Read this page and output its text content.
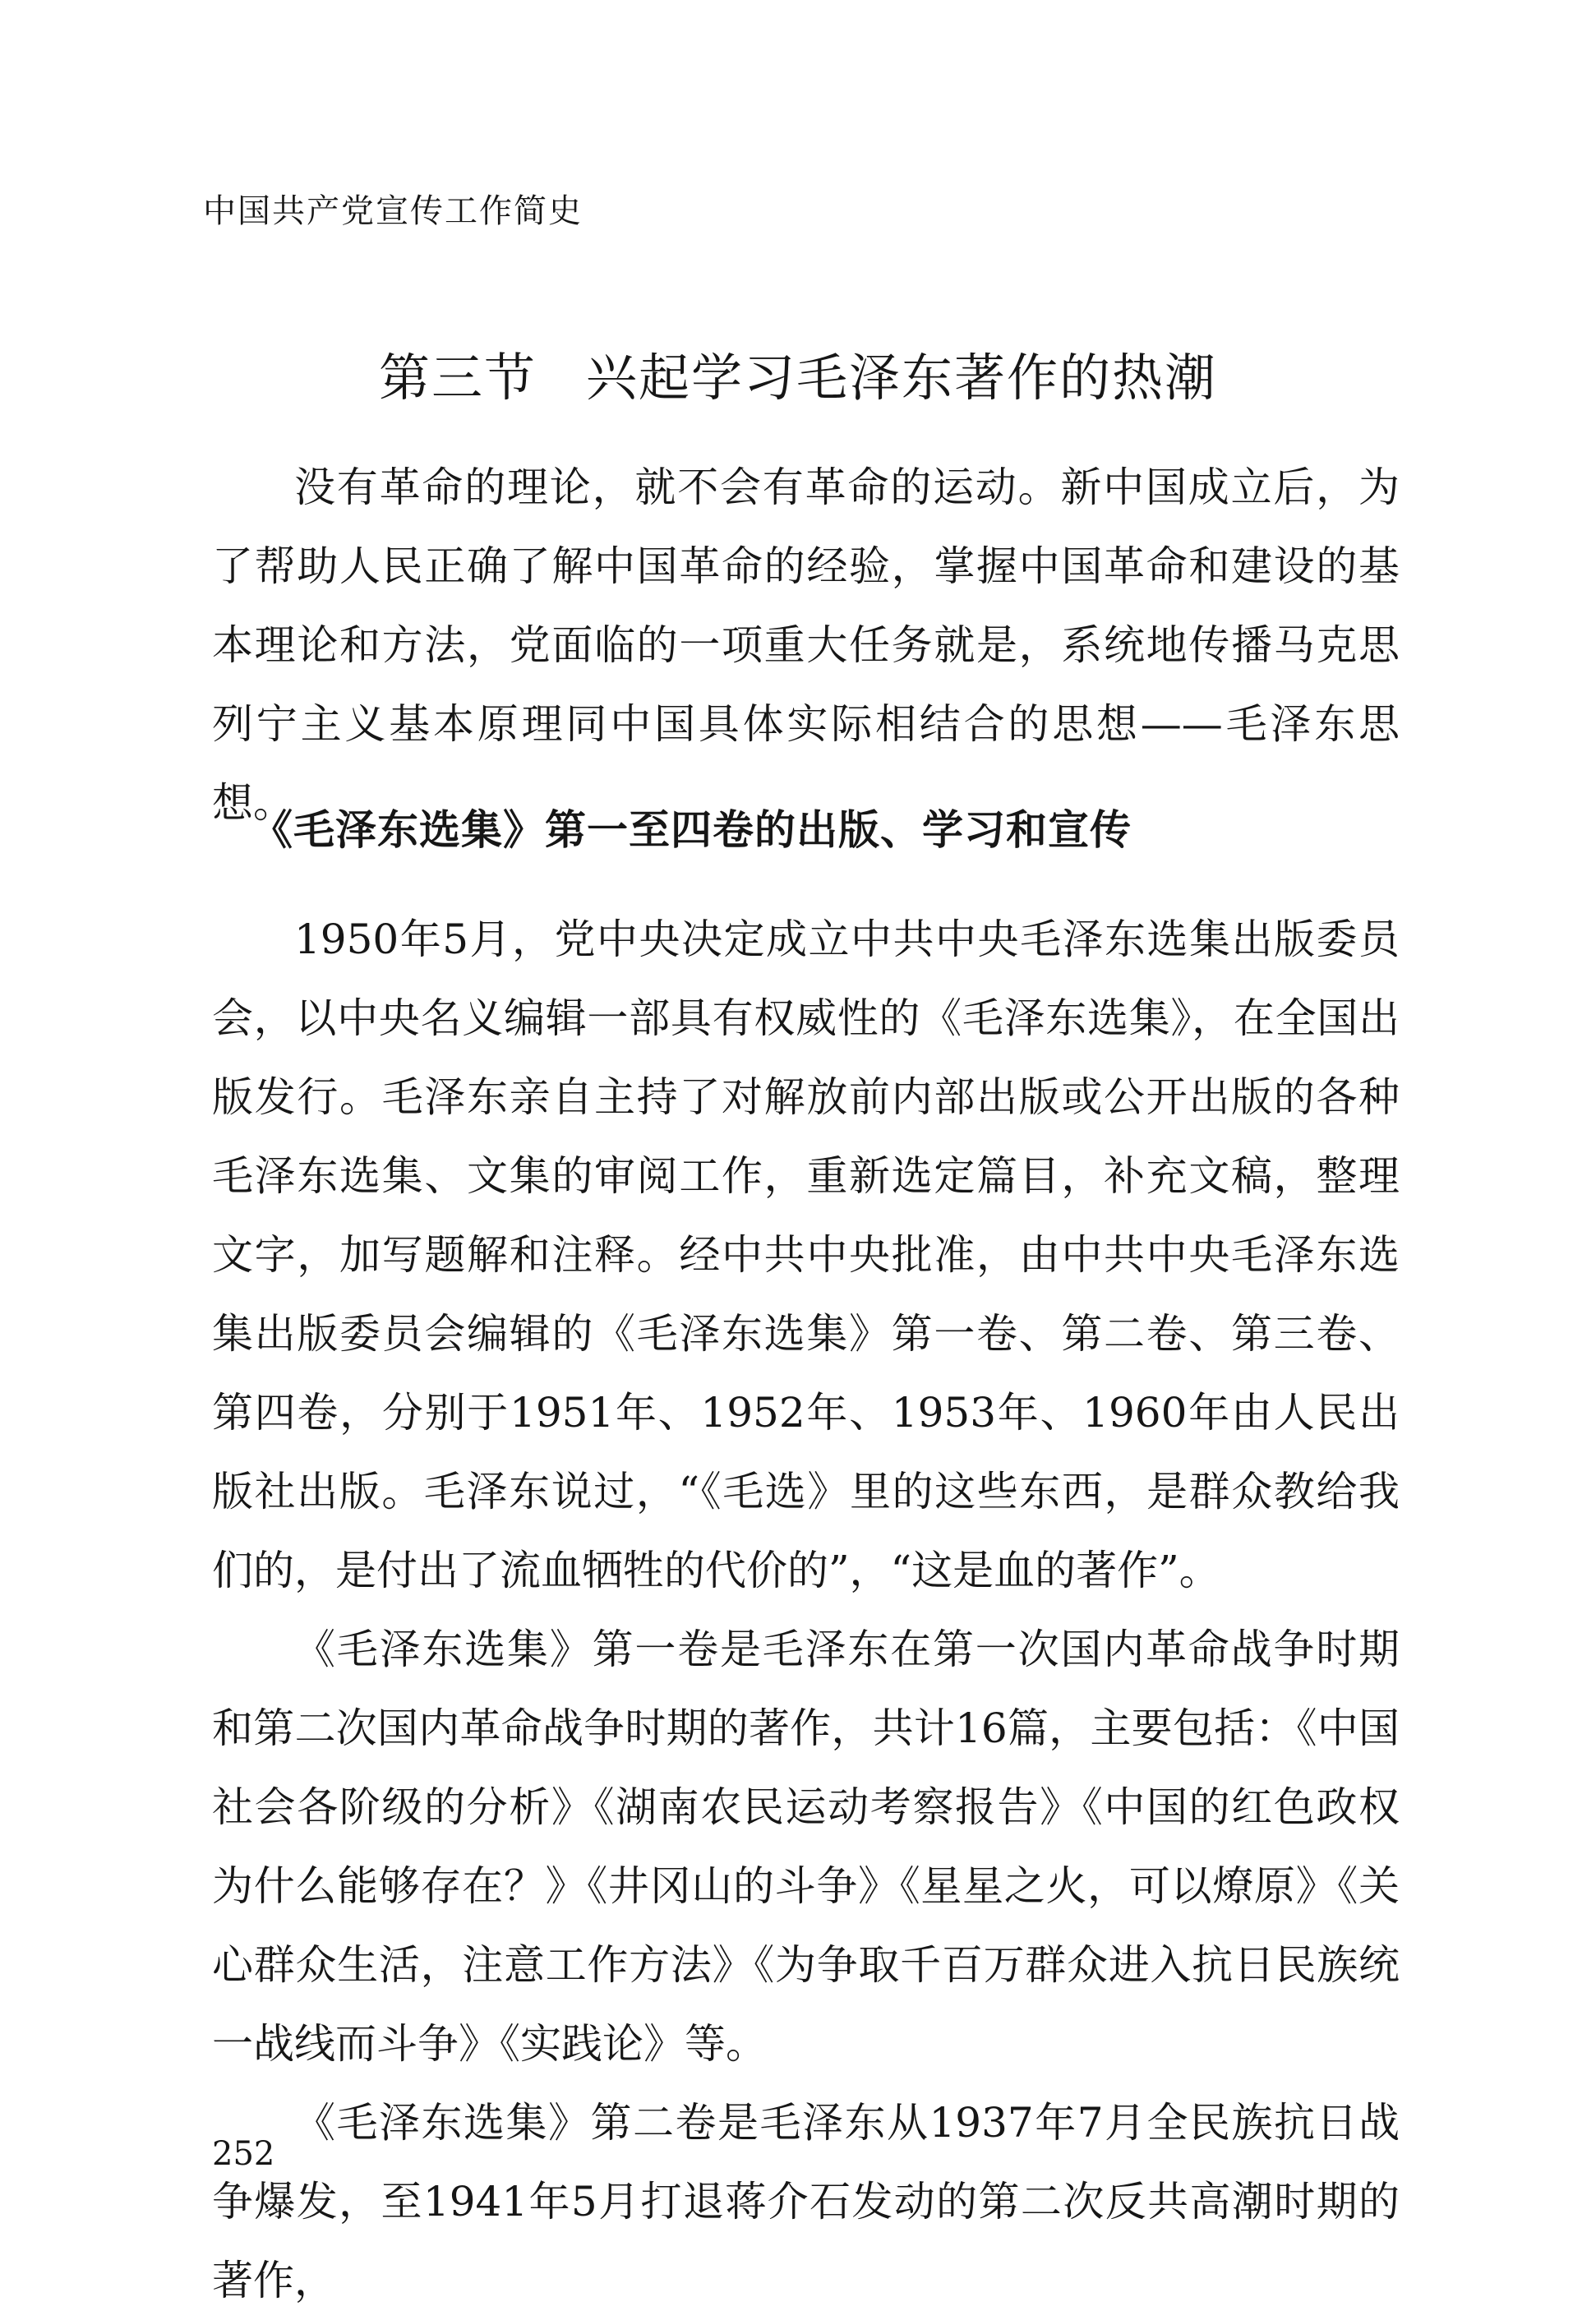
中国共产党宣传工作简史
第三节 兴起学习毛泽东著作的热潮

没有革命的理论，就不会有革命的运动。新中国成立后，为了帮助人民正确了解中国革命的经验，掌握中国革命和建设的基本理论和方法，党面临的一项重大任务就是，系统地传播马克思列宁主义基本原理同中国具体实际相结合的思想——毛泽东思想。

《毛泽东选集》第一至四卷的出版、学习和宣传

1950年5月，党中央决定成立中共中央毛泽东选集出版委员会，以中央名义编辑一部具有权威性的《毛泽东选集》，在全国出版发行。毛泽东亲自主持了对解放前内部出版或公开出版的各种毛泽东选集、文集的审阅工作，重新选定篇目，补充文稿，整理文字，加写题解和注释。经中共中央批准，由中共中央毛泽东选集出版委员会编辑的《毛泽东选集》第一卷、第二卷、第三卷、第四卷，分别于1951年、1952年、1953年、1960年由人民出版社出版。毛泽东说过，“《毛选》里的这些东西，是群众教给我们的，是付出了流血牺牲的代价的”，“这是血的著作”。

《毛泽东选集》第一卷是毛泽东在第一次国内革命战争时期和第二次国内革命战争时期的著作，共计16篇，主要包括：《中国社会各阶级的分析》《湖南农民运动考察报告》《中国的红色政权为什么能够存在？》《井冈山的斗争》《星星之火，可以燎原》《关心群众生活，注意工作方法》《为争取千百万群众进入抗日民族统一战线而斗争》《实践论》等。

《毛泽东选集》第二卷是毛泽东从1937年7月全民族抗日战争爆发，至1941年5月打退蒋介石发动的第二次反共高潮时期的著作，

252
